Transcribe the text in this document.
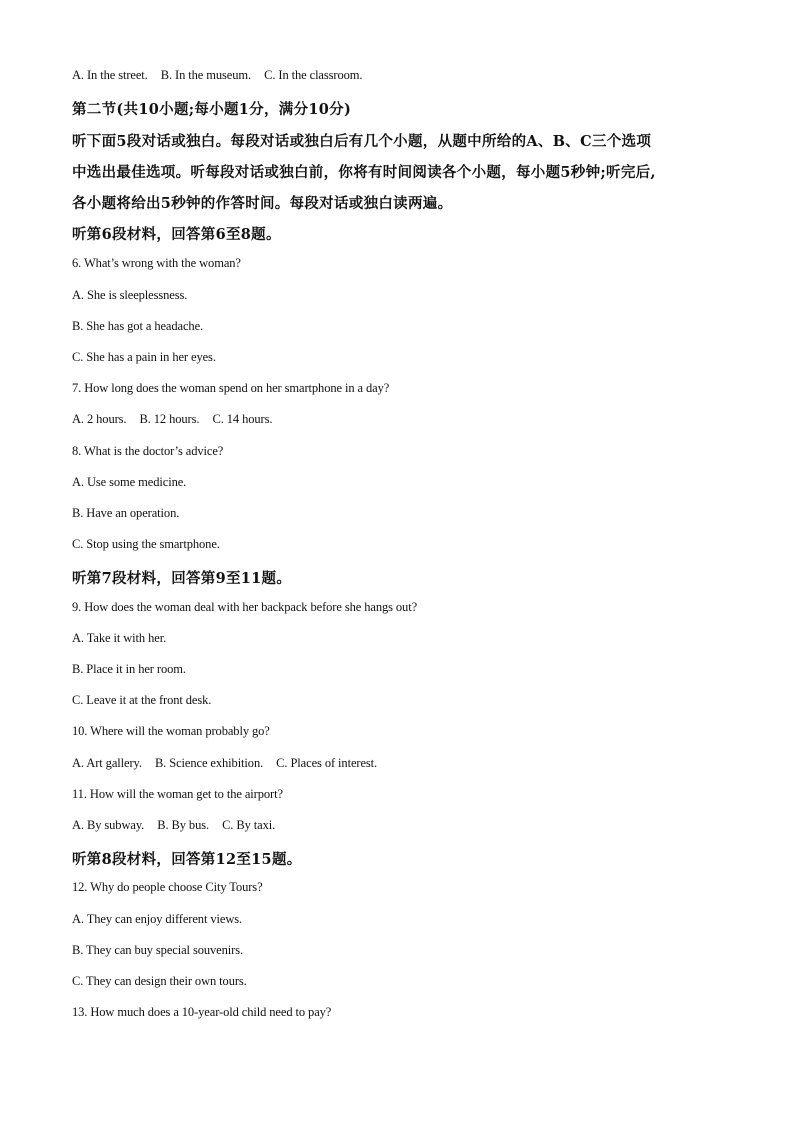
A. In the street. B. In the museum. C. In the classroom.
第二节(共10小题;每小题1分，满分10分)
听下面5段对话或独白。每段对话或独白后有几个小题，从题中所给的A、B、C三个选项
中选出最佳选项。听每段对话或独白前，你将有时间阅读各个小题，每小题5秒钟;听完后,
各小题将给出5秒钟的作答时间。每段对话或独白读两遍。
听第6段材料，回答第6至8题。
6. What’s wrong with the woman?
A. She is sleeplessness.
B. She has got a headache.
C. She has a pain in her eyes.
7. How long does the woman spend on her smartphone in a day?
A. 2 hours. B. 12 hours. C. 14 hours.
8. What is the doctor’s advice?
A. Use some medicine.
B. Have an operation.
C. Stop using the smartphone.
听第7段材料，回答第9至11题。
9. How does the woman deal with her backpack before she hangs out?
A. Take it with her.
B. Place it in her room.
C. Leave it at the front desk.
10. Where will the woman probably go?
A. Art gallery. B. Science exhibition. C. Places of interest.
11. How will the woman get to the airport?
A. By subway. B. By bus. C. By taxi.
听第8段材料，回答第12至15题。
12. Why do people choose City Tours?
A. They can enjoy different views.
B. They can buy special souvenirs.
C. They can design their own tours.
13. How much does a 10-year-old child need to pay?
